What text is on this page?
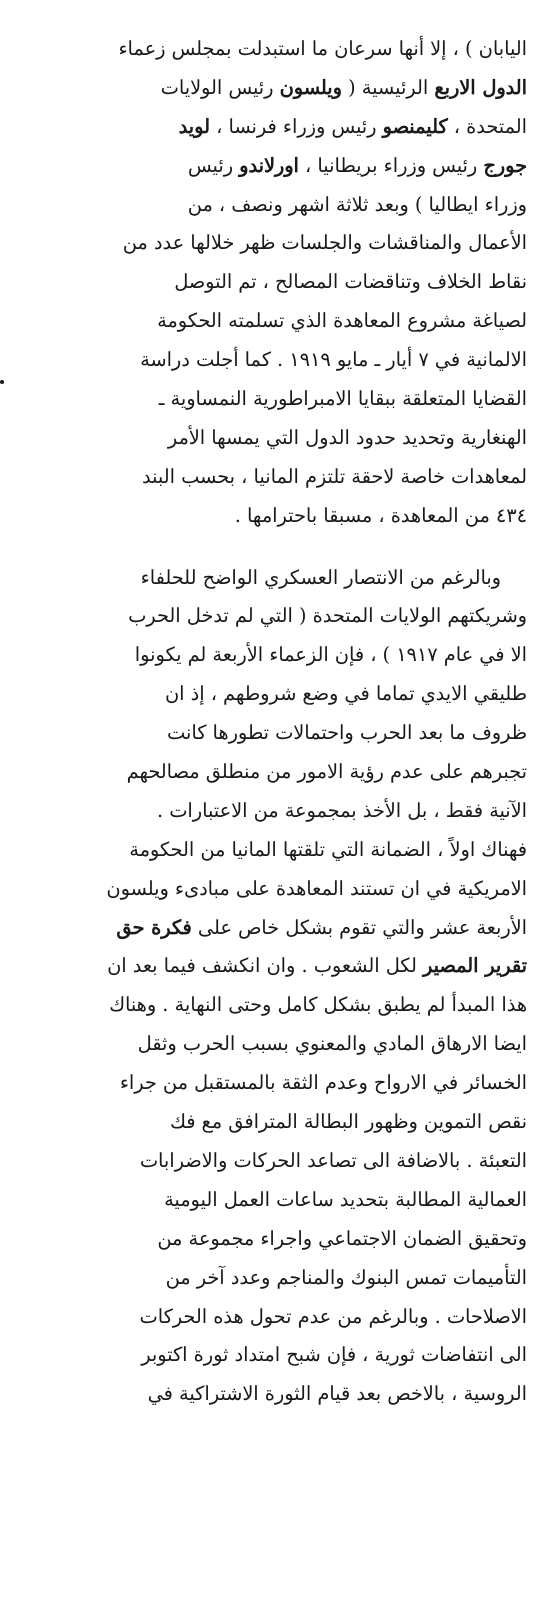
اليابان ) ، إلا أنها سرعان ما استبدلت بمجلس زعماء
الدول الاربع الرئيسية ( ويلسون رئيس الولايات
المتحدة ، كليمنصو رئيس وزراء فرنسا ، لويد
جورج رئيس وزراء بريطانيا ، اورلاندو رئيس
وزراء ايطاليا ) وبعد ثلاثة اشهر ونصف ، من
الأعمال والمناقشات والجلسات ظهر خلالها عدد من
نقاط الخلاف وتناقضات المصالح ، تم التوصل
لصياغة مشروع المعاهدة الذي تسلمته الحكومة
الالمانية في ٧ أيار ـ مايو ١٩١٩ . كما أجلت دراسة
القضايا المتعلقة ببقايا الامبراطورية النمساوية ـ
الهنغارية وتحديد حدود الدول التي يمسها الأمر
لمعاهدات خاصة لاحقة تلتزم المانيا ، بحسب البند
٤٣٤ من المعاهدة ، مسبقا باحترامها .
وبالرغم من الانتصار العسكري الواضح للحلفاء
وشريكتهم الولايات المتحدة ( التي لم تدخل الحرب
الا في عام ١٩١٧ ) ، فإن الزعماء الأربعة لم يكونوا
طليقي الايدي تماما في وضع شروطهم ، إذ ان
ظروف ما بعد الحرب واحتمالات تطورها كانت
تجبرهم على عدم رؤية الامور من منطلق مصالحهم
الآنية فقط ، بل الأخذ بمجموعة من الاعتبارات .
فهناك اولاً ، الضمانة التي تلقتها المانيا من الحكومة
الامريكية في ان تستند المعاهدة على مبادىء ويلسون
الأربعة عشر والتي تقوم بشكل خاص على فكرة حق
تقرير المصير لكل الشعوب . وان انكشف فيما بعد ان
هذا المبدأ لم يطبق بشكل كامل وحتى النهاية . وهناك
ايضا الارهاق المادي والمعنوي بسبب الحرب وثقل
الخسائر في الارواح وعدم الثقة بالمستقبل من جراء
نقص التموين وظهور البطالة المترافق مع فك
التعبئة . بالاضافة الى تصاعد الحركات والاضرابات
العمالية المطالبة بتحديد ساعات العمل اليومية
وتحقيق الضمان الاجتماعي واجراء مجموعة من
التأميمات تمس البنوك والمناجم وعدد آخر من
الاصلاحات . وبالرغم من عدم تحول هذه الحركات
الى انتفاضات ثورية ، فإن شبح امتداد ثورة اكتوبر
الروسية ، بالاخص بعد قيام الثورة الاشتراكية في
